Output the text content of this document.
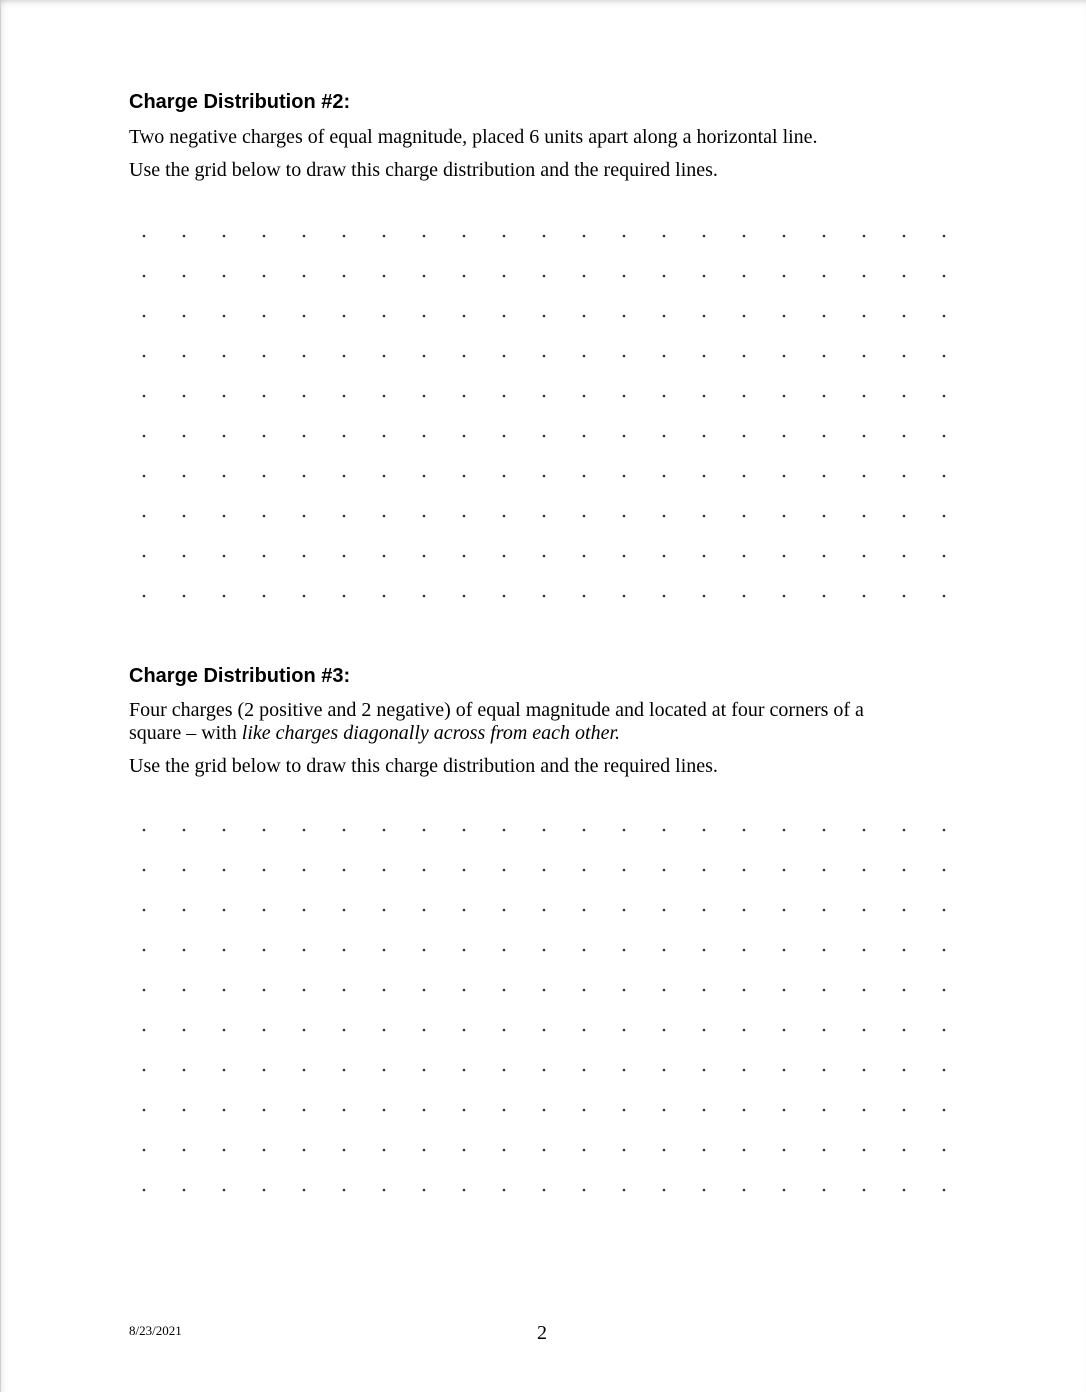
Charge Distribution #2:

Two negative charges of equal magnitude, placed 6 units apart along a horizontal line.

Use the grid below to draw this charge distribution and the required lines.

Charge Distribution #3:

Four charges (2 positive and 2 negative) of equal magnitude and located at four corners of a square – with like charges diagonally across from each other.

Use the grid below to draw this charge distribution and the required lines.

8/23/2021	2
